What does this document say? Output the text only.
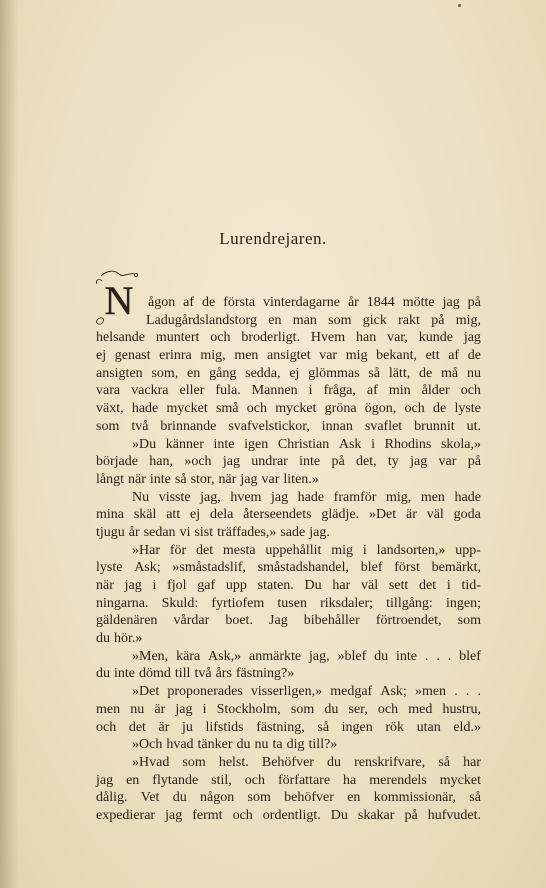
Lurendrejaren.
N ågon af de första vinterdagarne år 1844 mötte jag på
Ladugårdslandstorg en man som gick rakt på mig,
helsande muntert och broderligt. Hvem han var, kunde jag
ej genast erinra mig, men ansigtet var mig bekant, ett af de
ansigten som, en gång sedda, ej glömmas så lätt, de må nu
vara vackra eller fula. Mannen i fråga, af min ålder och
växt, hade mycket små och mycket gröna ögon, och de lyste
som två brinnande svafvelstickor, innan svaflet brunnit ut.
»Du känner inte igen Christian Ask i Rhodins skola,»
började han, »och jag undrar inte på det, ty jag var på
långt när inte så stor, när jag var liten.»
Nu visste jag, hvem jag hade framför mig, men hade
mina skäl att ej dela återseendets glädje. »Det är väl goda
tjugu år sedan vi sist träffades,» sade jag.
»Har för det mesta uppehållit mig i landsorten,» upp-
lyste Ask; »småstadslif, småstadshandel, blef först bemärkt,
när jag i fjol gaf upp staten. Du har väl sett det i tid-
ningarna. Skuld: fyrtiofem tusen riksdaler; tillgång: ingen;
gäldenären vårdar boet. Jag bibehåller förtroendet, som
du hör.»
»Men, kära Ask,» anmärkte jag, »blef du inte . . . blef
du inte dömd till två års fästning?»
»Det proponerades visserligen,» medgaf Ask; »men . . .
men nu är jag i Stockholm, som du ser, och med hustru,
och det är ju lifstids fästning, så ingen rök utan eld.»
»Och hvad tänker du nu ta dig till?»
»Hvad som helst. Behöfver du renskrifvare, så har
jag en flytande stil, och författare ha merendels mycket
dålig. Vet du någon som behöfver en kommissionär, så
expedierar jag fermt och ordentligt. Du skakar på hufvudet.
